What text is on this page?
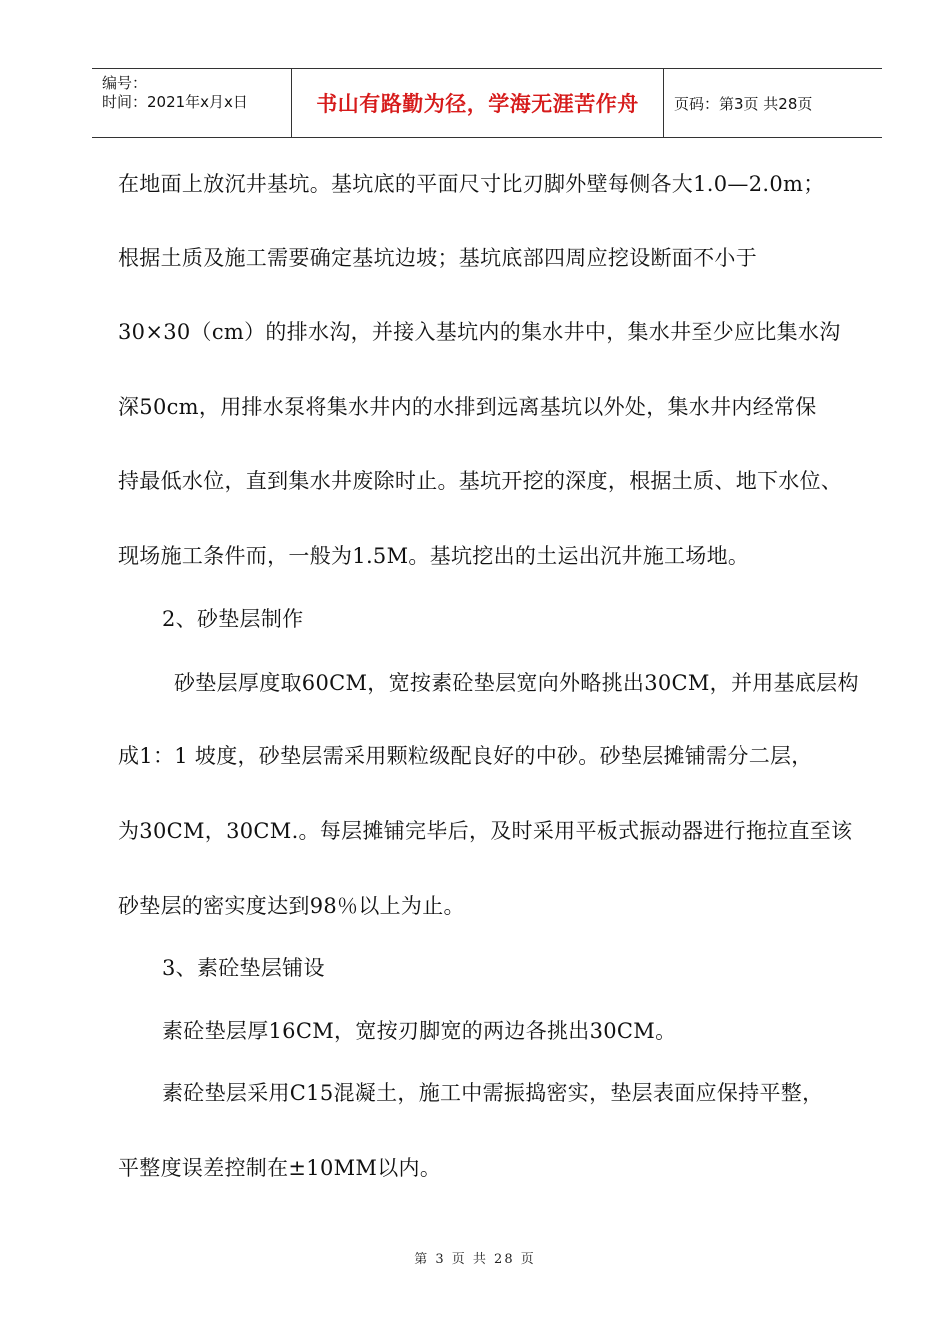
编号：
时间：2021年x月x日	书山有路勤为径，学海无涯苦作舟 页码：第3页 共28页
在地面上放沉井基坑。基坑底的平面尺寸比刃脚外壁每侧各大1.0—2.0m；
根据土质及施工需要确定基坑边坡；基坑底部四周应挖设断面不小于
30×30（cm）的排水沟，并接入基坑内的集水井中，集水井至少应比集水沟
深50cm，用排水泵将集水井内的水排到远离基坑以外处，集水井内经常保
持最低水位，直到集水井废除时止。基坑开挖的深度，根据土质、地下水位、
现场施工条件而，一般为1.5M。基坑挖出的土运出沉井施工场地。
2、砂垫层制作
砂垫层厚度取60CM，宽按素砼垫层宽向外略挑出30CM，并用基底层构
成1：1 坡度，砂垫层需采用颗粒级配良好的中砂。砂垫层摊铺需分二层，
为30CM，30CM.。每层摊铺完毕后，及时采用平板式振动器进行拖拉直至该
砂垫层的密实度达到98％以上为止。
3、素砼垫层铺设
素砼垫层厚16CM，宽按刃脚宽的两边各挑出30CM。
素砼垫层采用C15混凝土，施工中需振捣密实，垫层表面应保持平整，
平整度误差控制在±10MM以内。
第 3 页 共 28 页
